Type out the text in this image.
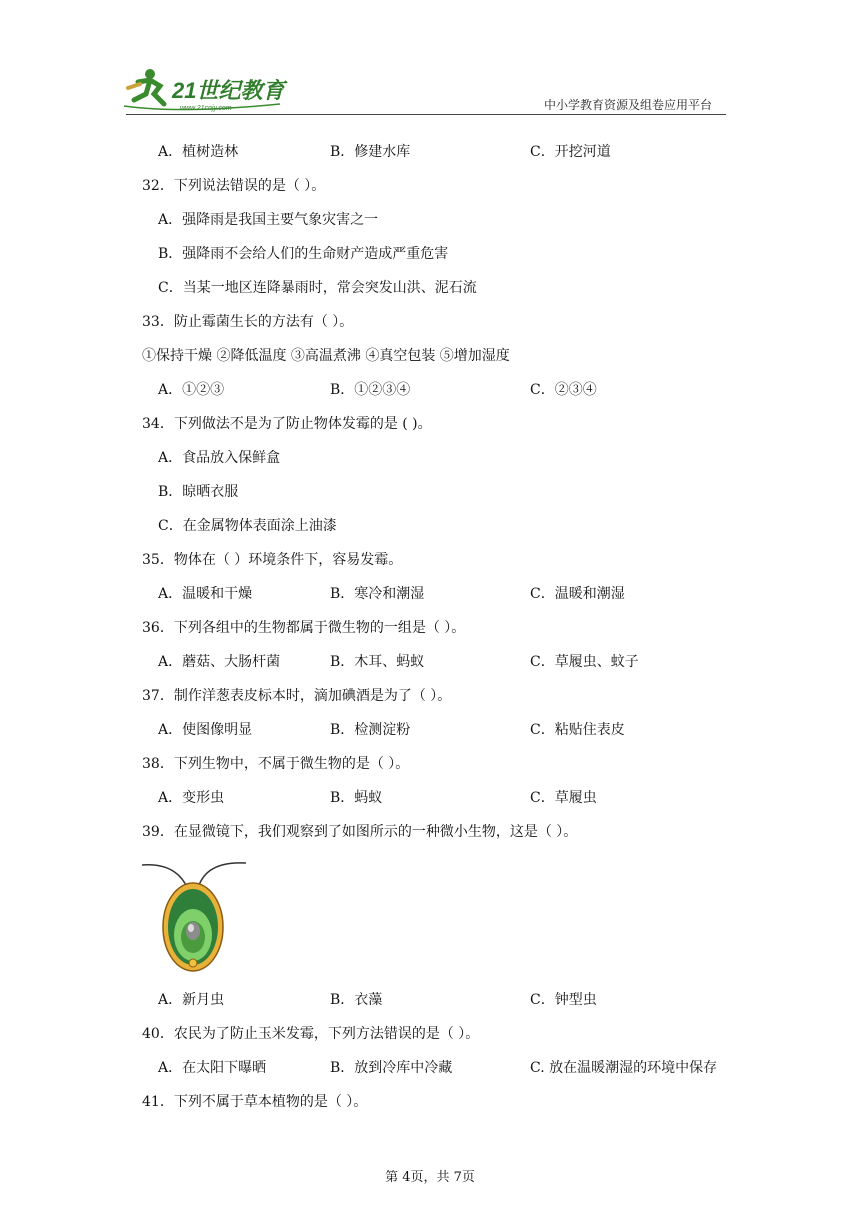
21世纪教育
www.21cnjy.com	中小学教育资源及组卷应用平台
A．植树造林	B．修建水库	C．开挖河道
32．下列说法错误的是（ ）。
A．强降雨是我国主要气象灾害之一
B．强降雨不会给人们的生命财产造成严重危害
C．当某一地区连降暴雨时，常会突发山洪、泥石流
33．防止霉菌生长的方法有（ ）。
①保持干燥 ②降低温度 ③高温煮沸 ④真空包装 ⑤增加湿度
A．①②③	B．①②③④	C．②③④
34．下列做法不是为了防止物体发霉的是 ( )。
A．食品放入保鲜盒
B．晾晒衣服
C．在金属物体表面涂上油漆
35．物体在（ ）环境条件下，容易发霉。
A．温暖和干燥	B．寒冷和潮湿	C．温暖和潮湿
36．下列各组中的生物都属于微生物的一组是（ ）。
A．蘑菇、大肠杆菌	B．木耳、蚂蚁	C．草履虫、蚊子
37．制作洋葱表皮标本时，滴加碘酒是为了（ ）。
A．使图像明显	B．检测淀粉	C．粘贴住表皮
38．下列生物中，不属于微生物的是（ ）。
A．变形虫	B．蚂蚁	C．草履虫
39．在显微镜下，我们观察到了如图所示的一种微小生物，这是（ ）。
A．新月虫	B．衣藻	C．钟型虫
40．农民为了防止玉米发霉，下列方法错误的是（ ）。
A．在太阳下曝晒	B．放到冷库中冷藏	C. 放在温暖潮湿的环境中保存
41．下列不属于草本植物的是（ ）。
第 4页，共 7页
